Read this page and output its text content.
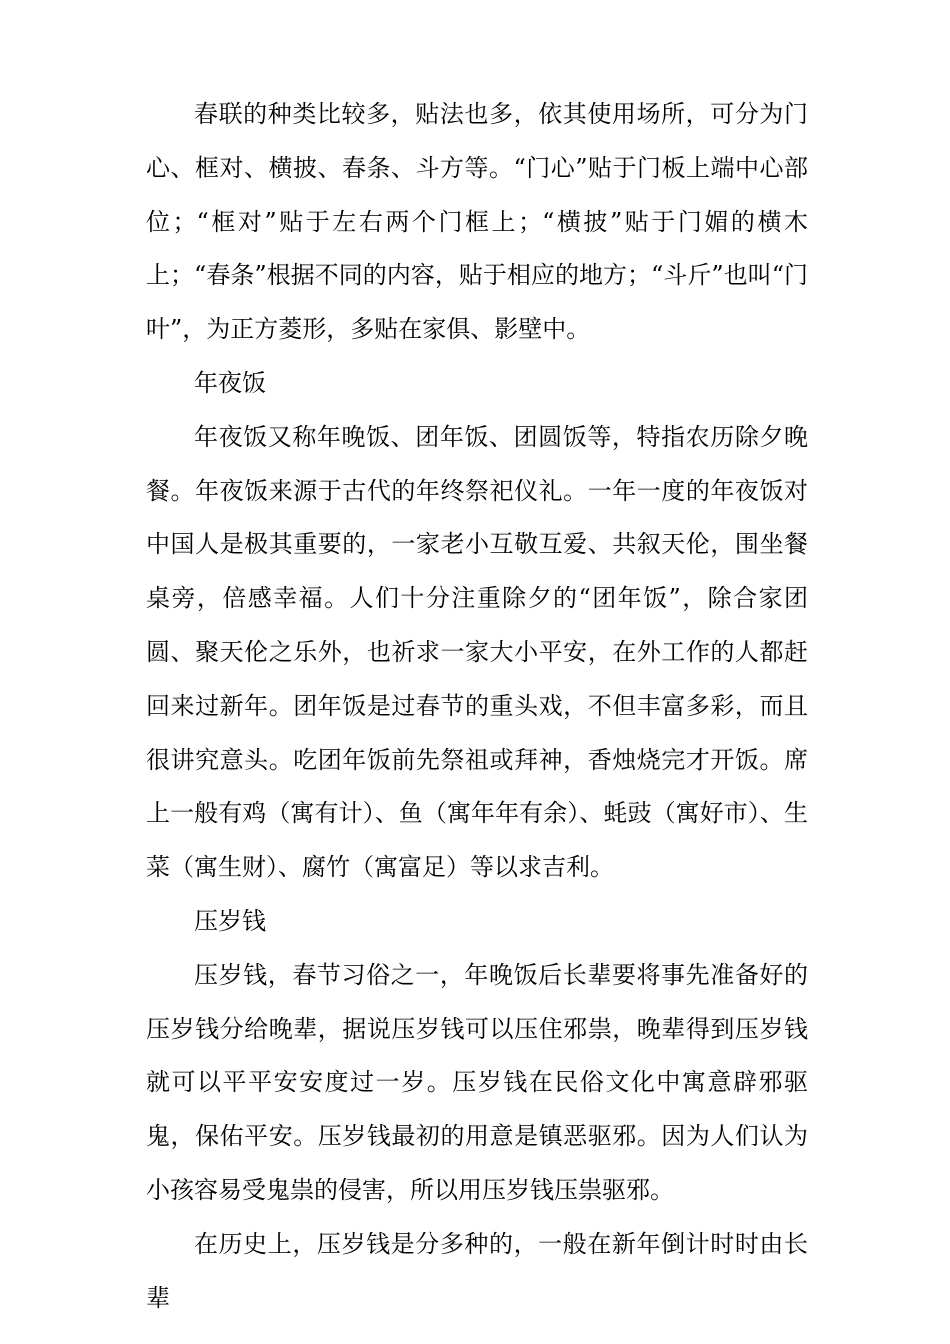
春联的种类比较多，贴法也多，依其使用场所，可分为门心、框对、横披、春条、斗方等。“门心”贴于门板上端中心部位；“框对”贴于左右两个门框上；“横披”贴于门媚的横木上；“春条”根据不同的内容，贴于相应的地方；“斗斤”也叫“门叶”，为正方菱形，多贴在家俱、影壁中。

年夜饭

年夜饭又称年晚饭、团年饭、团圆饭等，特指农历除夕晚餐。年夜饭来源于古代的年终祭祀仪礼。一年一度的年夜饭对中国人是极其重要的，一家老小互敬互爱、共叙天伦，围坐餐桌旁，倍感幸福。人们十分注重除夕的“团年饭”，除合家团圆、聚天伦之乐外，也祈求一家大小平安，在外工作的人都赶回来过新年。团年饭是过春节的重头戏，不但丰富多彩，而且很讲究意头。吃团年饭前先祭祖或拜神，香烛烧完才开饭。席上一般有鸡（寓有计）、鱼（寓年年有余）、蚝豉（寓好市）、生菜（寓生财）、腐竹（寓富足）等以求吉利。

压岁钱

压岁钱，春节习俗之一，年晚饭后长辈要将事先准备好的压岁钱分给晚辈，据说压岁钱可以压住邪祟，晚辈得到压岁钱就可以平平安安度过一岁。压岁钱在民俗文化中寓意辟邪驱鬼，保佑平安。压岁钱最初的用意是镇恶驱邪。因为人们认为小孩容易受鬼祟的侵害，所以用压岁钱压祟驱邪。

在历史上，压岁钱是分多种的，一般在新年倒计时时由长辈
